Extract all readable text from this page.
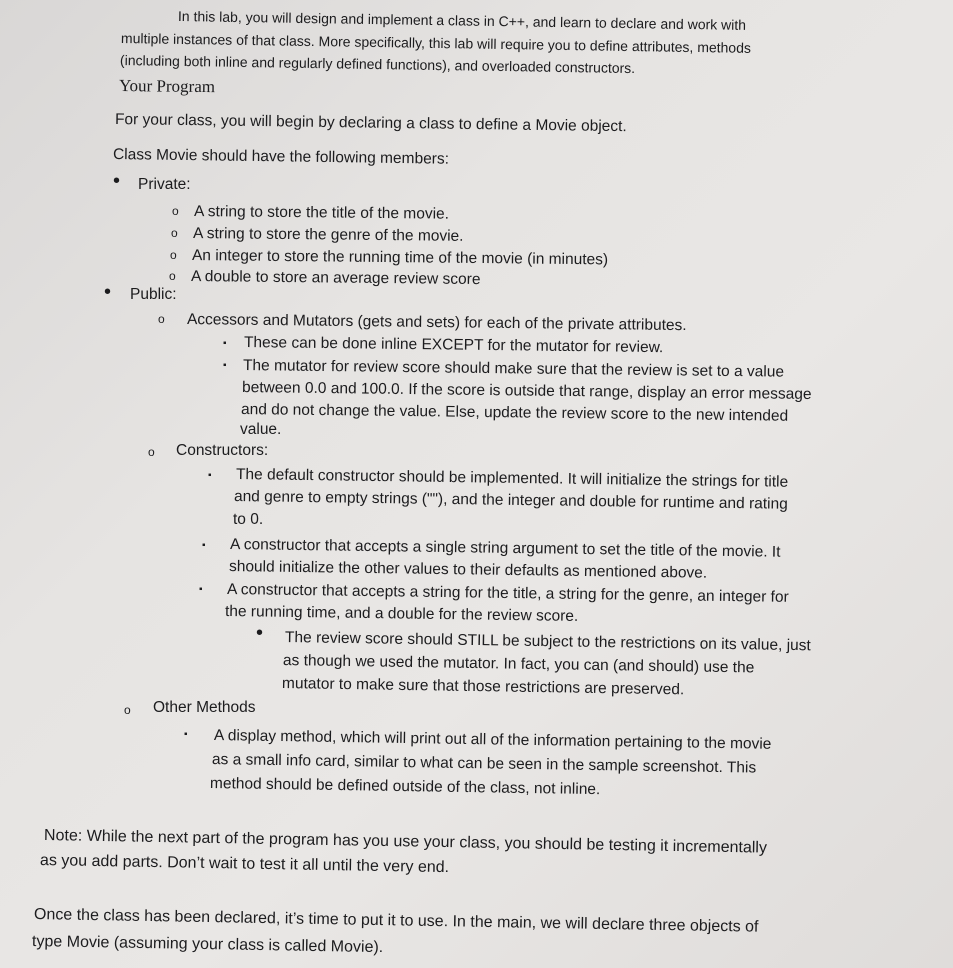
In this lab, you will design and implement a class in C++, and learn to declare and work with
multiple instances of that class. More specifically, this lab will require you to define attributes, methods
(including both inline and regularly defined functions), and overloaded constructors.
Your Program
For your class, you will begin by declaring a class to define a Movie object.
Class Movie should have the following members:
• Private:
o A string to store the title of the movie.
o A string to store the genre of the movie.
o An integer to store the running time of the movie (in minutes)
o A double to store an average review score
• Public:
o Accessors and Mutators (gets and sets) for each of the private attributes.
▪ These can be done inline EXCEPT for the mutator for review.
▪ The mutator for review score should make sure that the review is set to a value
between 0.0 and 100.0. If the score is outside that range, display an error message
and do not change the value. Else, update the review score to the new intended
value.
o Constructors:
▪ The default constructor should be implemented. It will initialize the strings for title
and genre to empty strings (""), and the integer and double for runtime and rating
to 0.
▪ A constructor that accepts a single string argument to set the title of the movie. It
should initialize the other values to their defaults as mentioned above.
▪ A constructor that accepts a string for the title, a string for the genre, an integer for
the running time, and a double for the review score.
• The review score should STILL be subject to the restrictions on its value, just
as though we used the mutator. In fact, you can (and should) use the
mutator to make sure that those restrictions are preserved.
o Other Methods
▪ A display method, which will print out all of the information pertaining to the movie
as a small info card, similar to what can be seen in the sample screenshot. This
method should be defined outside of the class, not inline.
Note: While the next part of the program has you use your class, you should be testing it incrementally
as you add parts. Don’t wait to test it all until the very end.
Once the class has been declared, it’s time to put it to use. In the main, we will declare three objects of
type Movie (assuming your class is called Movie).
